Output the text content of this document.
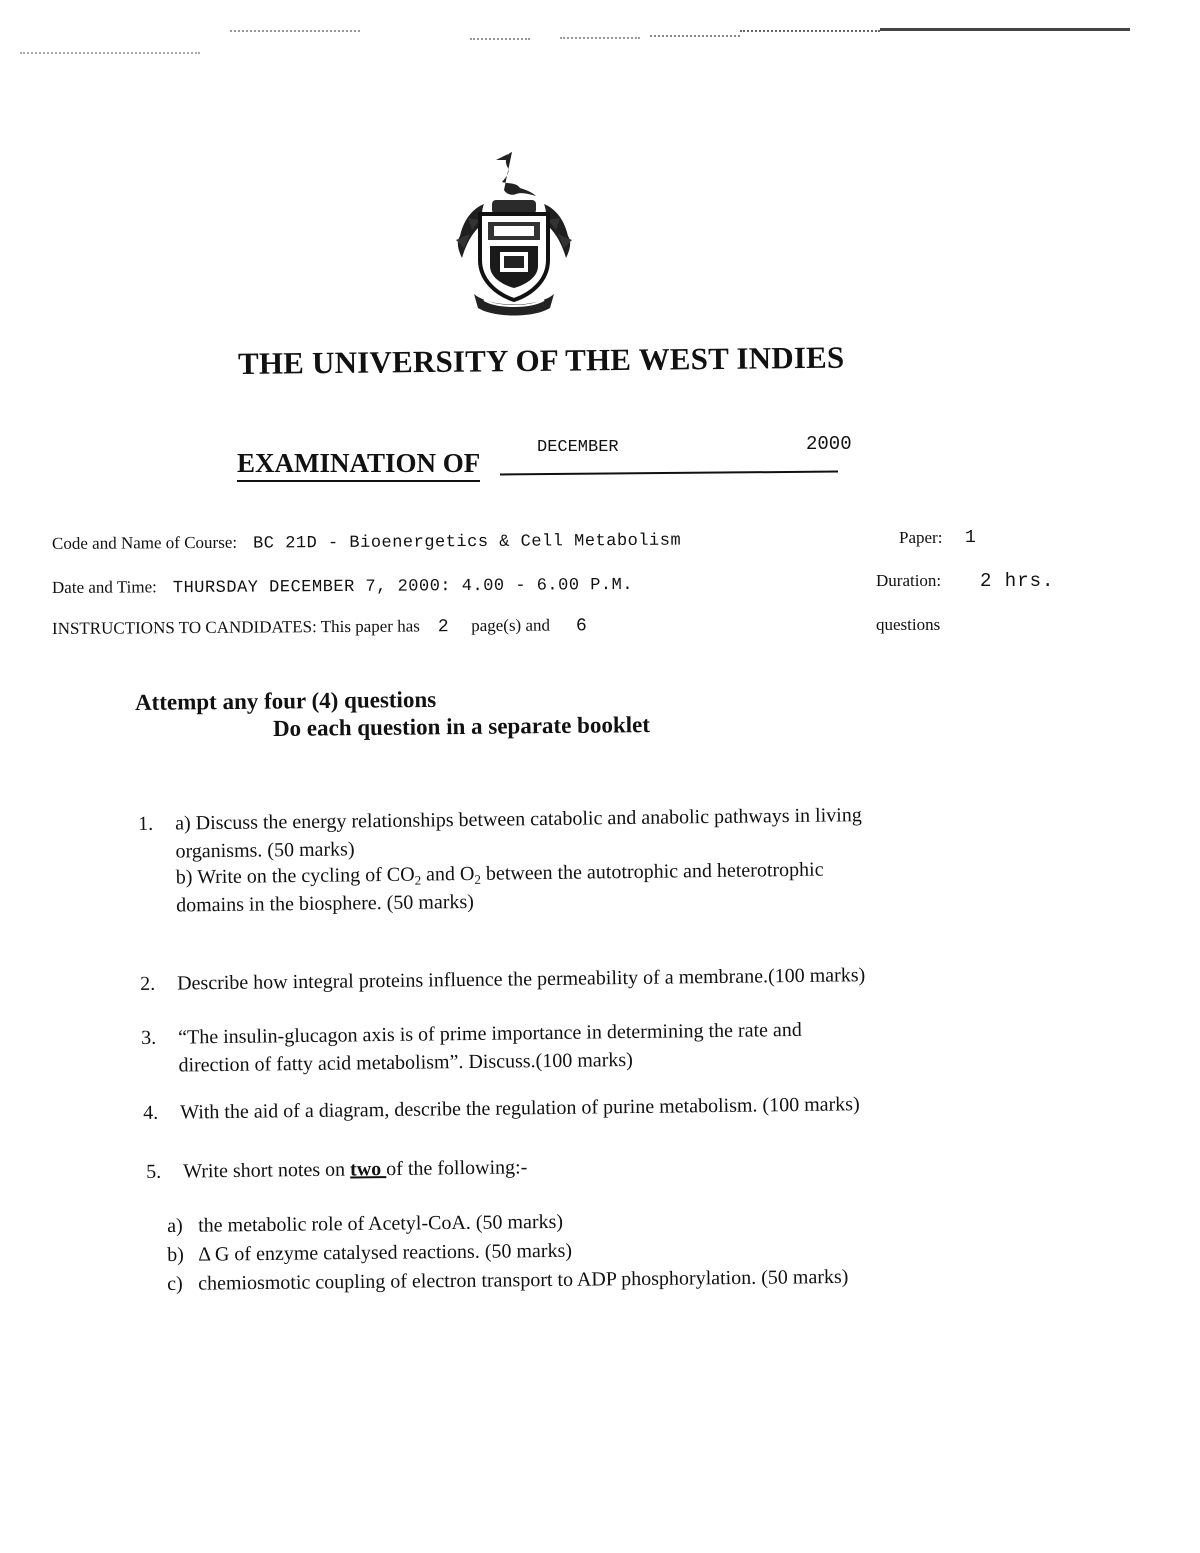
THE UNIVERSITY OF THE WEST INDIES
EXAMINATION OF
DECEMBER	2000
Code and Name of Course: BC 21D - Bioenergetics & Cell Metabolism	Paper: 1
Date and Time: THURSDAY DECEMBER 7, 2000: 4.00 - 6.00 P.M.	Duration: 2 hrs.
INSTRUCTIONS TO CANDIDATES: This paper has 2 page(s) and 6	questions
Attempt any four (4) questions
Do each question in a separate booklet
1. a) Discuss the energy relationships between catabolic and anabolic pathways in living
organisms. (50 marks)
b) Write on the cycling of $CO_2$ and $O_2$ between the autotrophic and heterotrophic
domains in the biosphere. (50 marks)
2. Describe how integral proteins influence the permeability of a membrane.(100 marks)
3. “The insulin-glucagon axis is of prime importance in determining the rate and
direction of fatty acid metabolism”. Discuss.(100 marks)
4. With the aid of a diagram, describe the regulation of purine metabolism. (100 marks)
5. Write short notes on two of the following:-
a) the metabolic role of Acetyl-CoA. (50 marks)
b) Δ G of enzyme catalysed reactions. (50 marks)
c) chemiosmotic coupling of electron transport to ADP phosphorylation. (50 marks)
